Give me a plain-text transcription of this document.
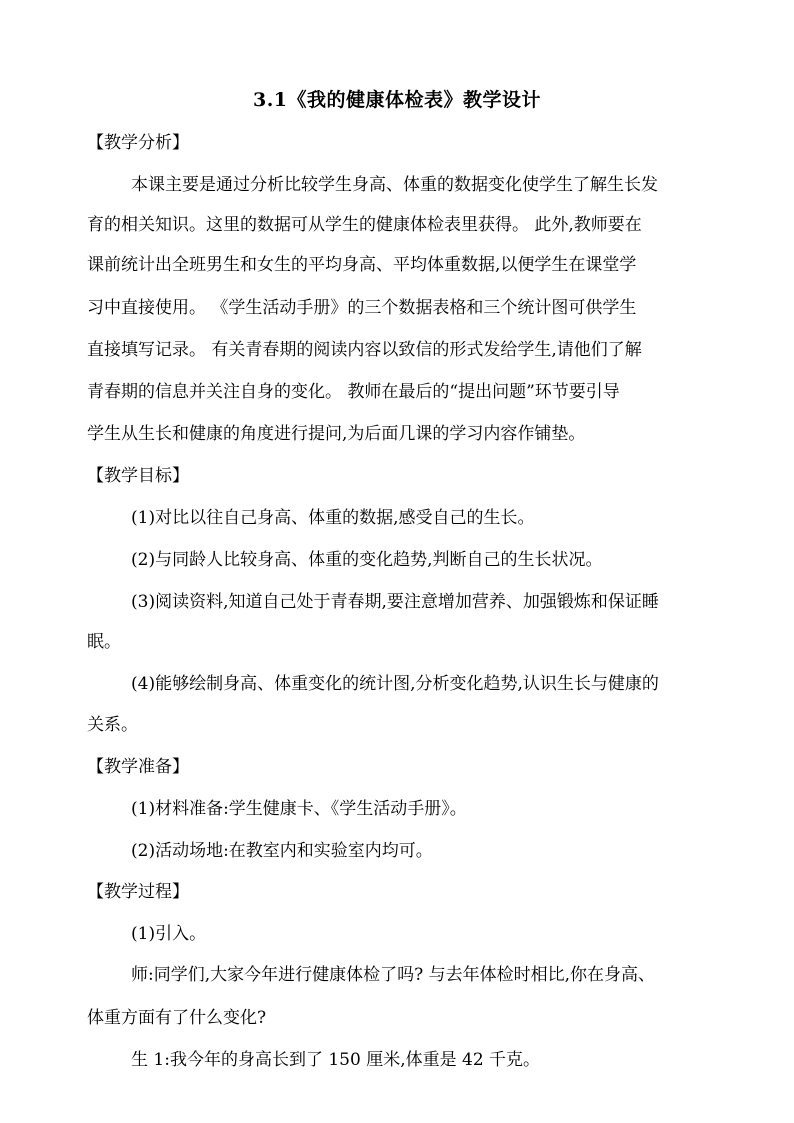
3.1《我的健康体检表》教学设计
【教学分析】
本课主要是通过分析比较学生身高、体重的数据变化使学生了解生长发
育的相关知识。这里的数据可从学生的健康体检表里获得。 此外,教师要在
课前统计出全班男生和女生的平均身高、平均体重数据,以便学生在课堂学
习中直接使用。 《学生活动手册》的三个数据表格和三个统计图可供学生
直接填写记录。 有关青春期的阅读内容以致信的形式发给学生,请他们了解
青春期的信息并关注自身的变化。 教师在最后的“提出问题”环节要引导
学生从生长和健康的角度进行提问,为后面几课的学习内容作铺垫。
【教学目标】
(1)对比以往自己身高、体重的数据,感受自己的生长。
(2)与同龄人比较身高、体重的变化趋势,判断自己的生长状况。
(3)阅读资料,知道自己处于青春期,要注意增加营养、加强锻炼和保证睡
眠。
(4)能够绘制身高、体重变化的统计图,分析变化趋势,认识生长与健康的
关系。
【教学准备】
(1)材料准备:学生健康卡、《学生活动手册》。
(2)活动场地:在教室内和实验室内均可。
【教学过程】
(1)引入。
师:同学们,大家今年进行健康体检了吗? 与去年体检时相比,你在身高、
体重方面有了什么变化?
生 1:我今年的身高长到了 150 厘米,体重是 42 千克。
